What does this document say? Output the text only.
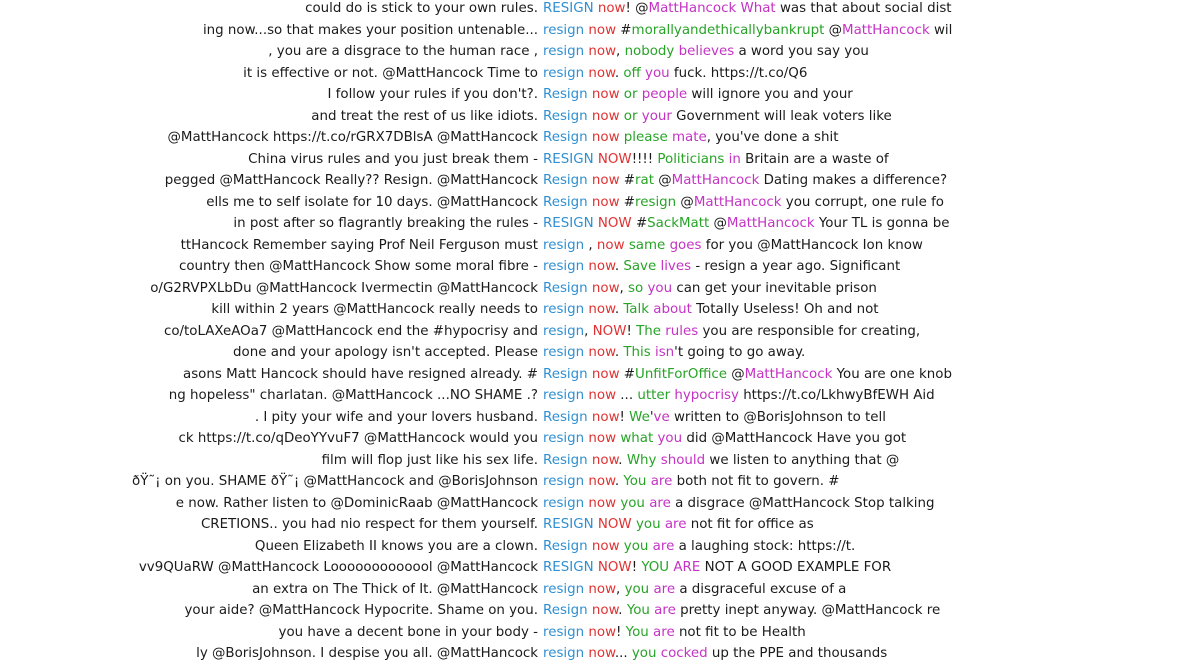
could do is stick to your own rules. RESIGN now! @MattHancock What was that about social dist
ing now...so that makes your position untenable... resign now #morallyandethicallybankrupt @MattHancock wil
, you are a disgrace to the human race , resign now, nobody believes a word you say you
it is effective or not. @MattHancock Time to resign now. off you fuck. https://t.co/Q6
I follow your rules if you don't?. Resign now or people will ignore you and your
and treat the rest of us like idiots. Resign now or your Government will leak voters like
@MattHancock https://t.co/rGRX7DBlsA @MattHancock Resign now please mate, you've done a shit
China virus rules and you just break them - RESIGN NOW!!!! Politicians in Britain are a waste of
pegged @MattHancock Really?? Resign. @MattHancock Resign now #rat @MattHancock Dating makes a difference?
ells me to self isolate for 10 days. @MattHancock Resign now #resign @MattHancock you corrupt, one rule fo
in post after so flagrantly breaking the rules - RESIGN NOW #SackMatt @MattHancock Your TL is gonna be
ttHancock Remember saying Prof Neil Ferguson must resign , now same goes for you @MattHancock Ion know
country then @MattHancock Show some moral fibre - resign now. Save lives - resign a year ago. Significant
o/G2RVPXLbDu @MattHancock Ivermectin @MattHancock Resign now, so you can get your inevitable prison
kill within 2 years @MattHancock really needs to resign now. Talk about Totally Useless! Oh and not
co/toLAXeAOa7 @MattHancock end the #hypocrisy and resign, NOW! The rules you are responsible for creating,
done and your apology isn't accepted. Please resign now. This isn't going to go away.
asons Matt Hancock should have resigned already. # Resign now #UnfitForOffice @MattHancock You are one knob
ng hopeless" charlatan. @MattHancock ...NO SHAME .? resign now ... utter hypocrisy https://t.co/LkhwyBfEWH Aid
. I pity your wife and your lovers husband. Resign now! We've written to @BorisJohnson to tell
ck https://t.co/qDeoYYvuF7 @MattHancock would you resign now what you did @MattHancock Have you got
film will flop just like his sex life. Resign now. Why should we listen to anything that @
ðŸ˜¡ on you. SHAME ðŸ˜¡ @MattHancock and @BorisJohnson resign now. You are both not fit to govern. #
e now. Rather listen to @DominicRaab @MattHancock resign now you are a disgrace @MattHancock Stop talking
CRETIONS.. you had nio respect for them yourself. RESIGN NOW you are not fit for office as
Queen Elizabeth II knows you are a clown. Resign now you are a laughing stock: https://t.
vv9QUaRW @MattHancock Looooooooooool @MattHancock RESIGN NOW! YOU ARE NOT A GOOD EXAMPLE FOR
an extra on The Thick of It. @MattHancock resign now, you are a disgraceful excuse of a
your aide? @MattHancock Hypocrite. Shame on you. Resign now. You are pretty inept anyway. @MattHancock re
you have a decent bone in your body - resign now! You are not fit to be Health
ly @BorisJohnson. I despise you all. @MattHancock resign now... you cocked up the PPE and thousands
